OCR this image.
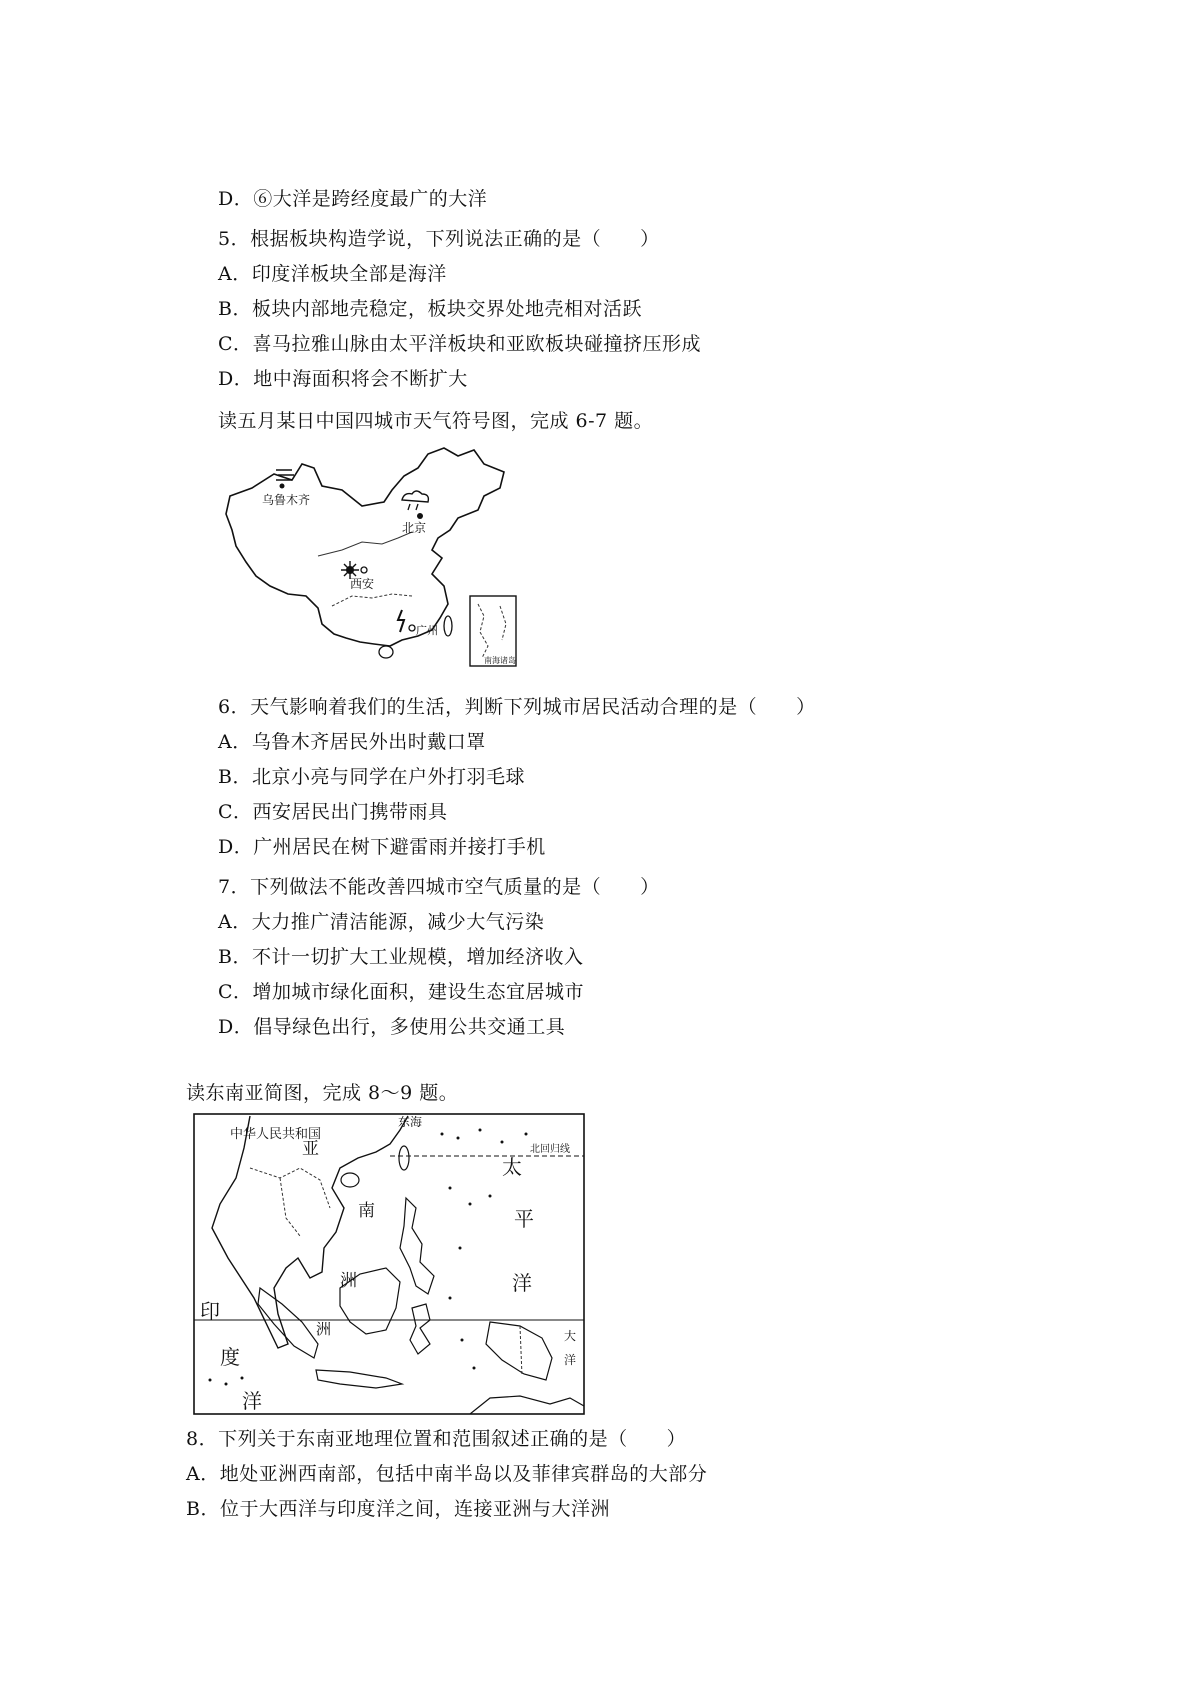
D．⑥大洋是跨经度最广的大洋
5．根据板块构造学说，下列说法正确的是（　　）
A．印度洋板块全部是海洋
B．板块内部地壳稳定，板块交界处地壳相对活跃
C．喜马拉雅山脉由太平洋板块和亚欧板块碰撞挤压形成
D．地中海面积将会不断扩大
读五月某日中国四城市天气符号图，完成 6-7 题。
南海诸岛
乌鲁木齐
北京
西安
广州
6．天气影响着我们的生活，判断下列城市居民活动合理的是（　　）
A．乌鲁木齐居民外出时戴口罩
B．北京小亮与同学在户外打羽毛球
C．西安居民出门携带雨具
D．广州居民在树下避雷雨并接打手机
7．下列做法不能改善四城市空气质量的是（　　）
A．大力推广清洁能源，减少大气污染
B．不计一切扩大工业规模，增加经济收入
C．增加城市绿化面积，建设生态宜居城市
D．倡导绿色出行，多使用公共交通工具
读东南亚简图，完成 8～9 题。
中华人民共和国
东海
北回归线
亚
南
洲
太
平
洋
印
度
洋
洲	大
洋
8．下列关于东南亚地理位置和范围叙述正确的是（　　）
A．地处亚洲西南部，包括中南半岛以及菲律宾群岛的大部分
B．位于大西洋与印度洋之间，连接亚洲与大洋洲
